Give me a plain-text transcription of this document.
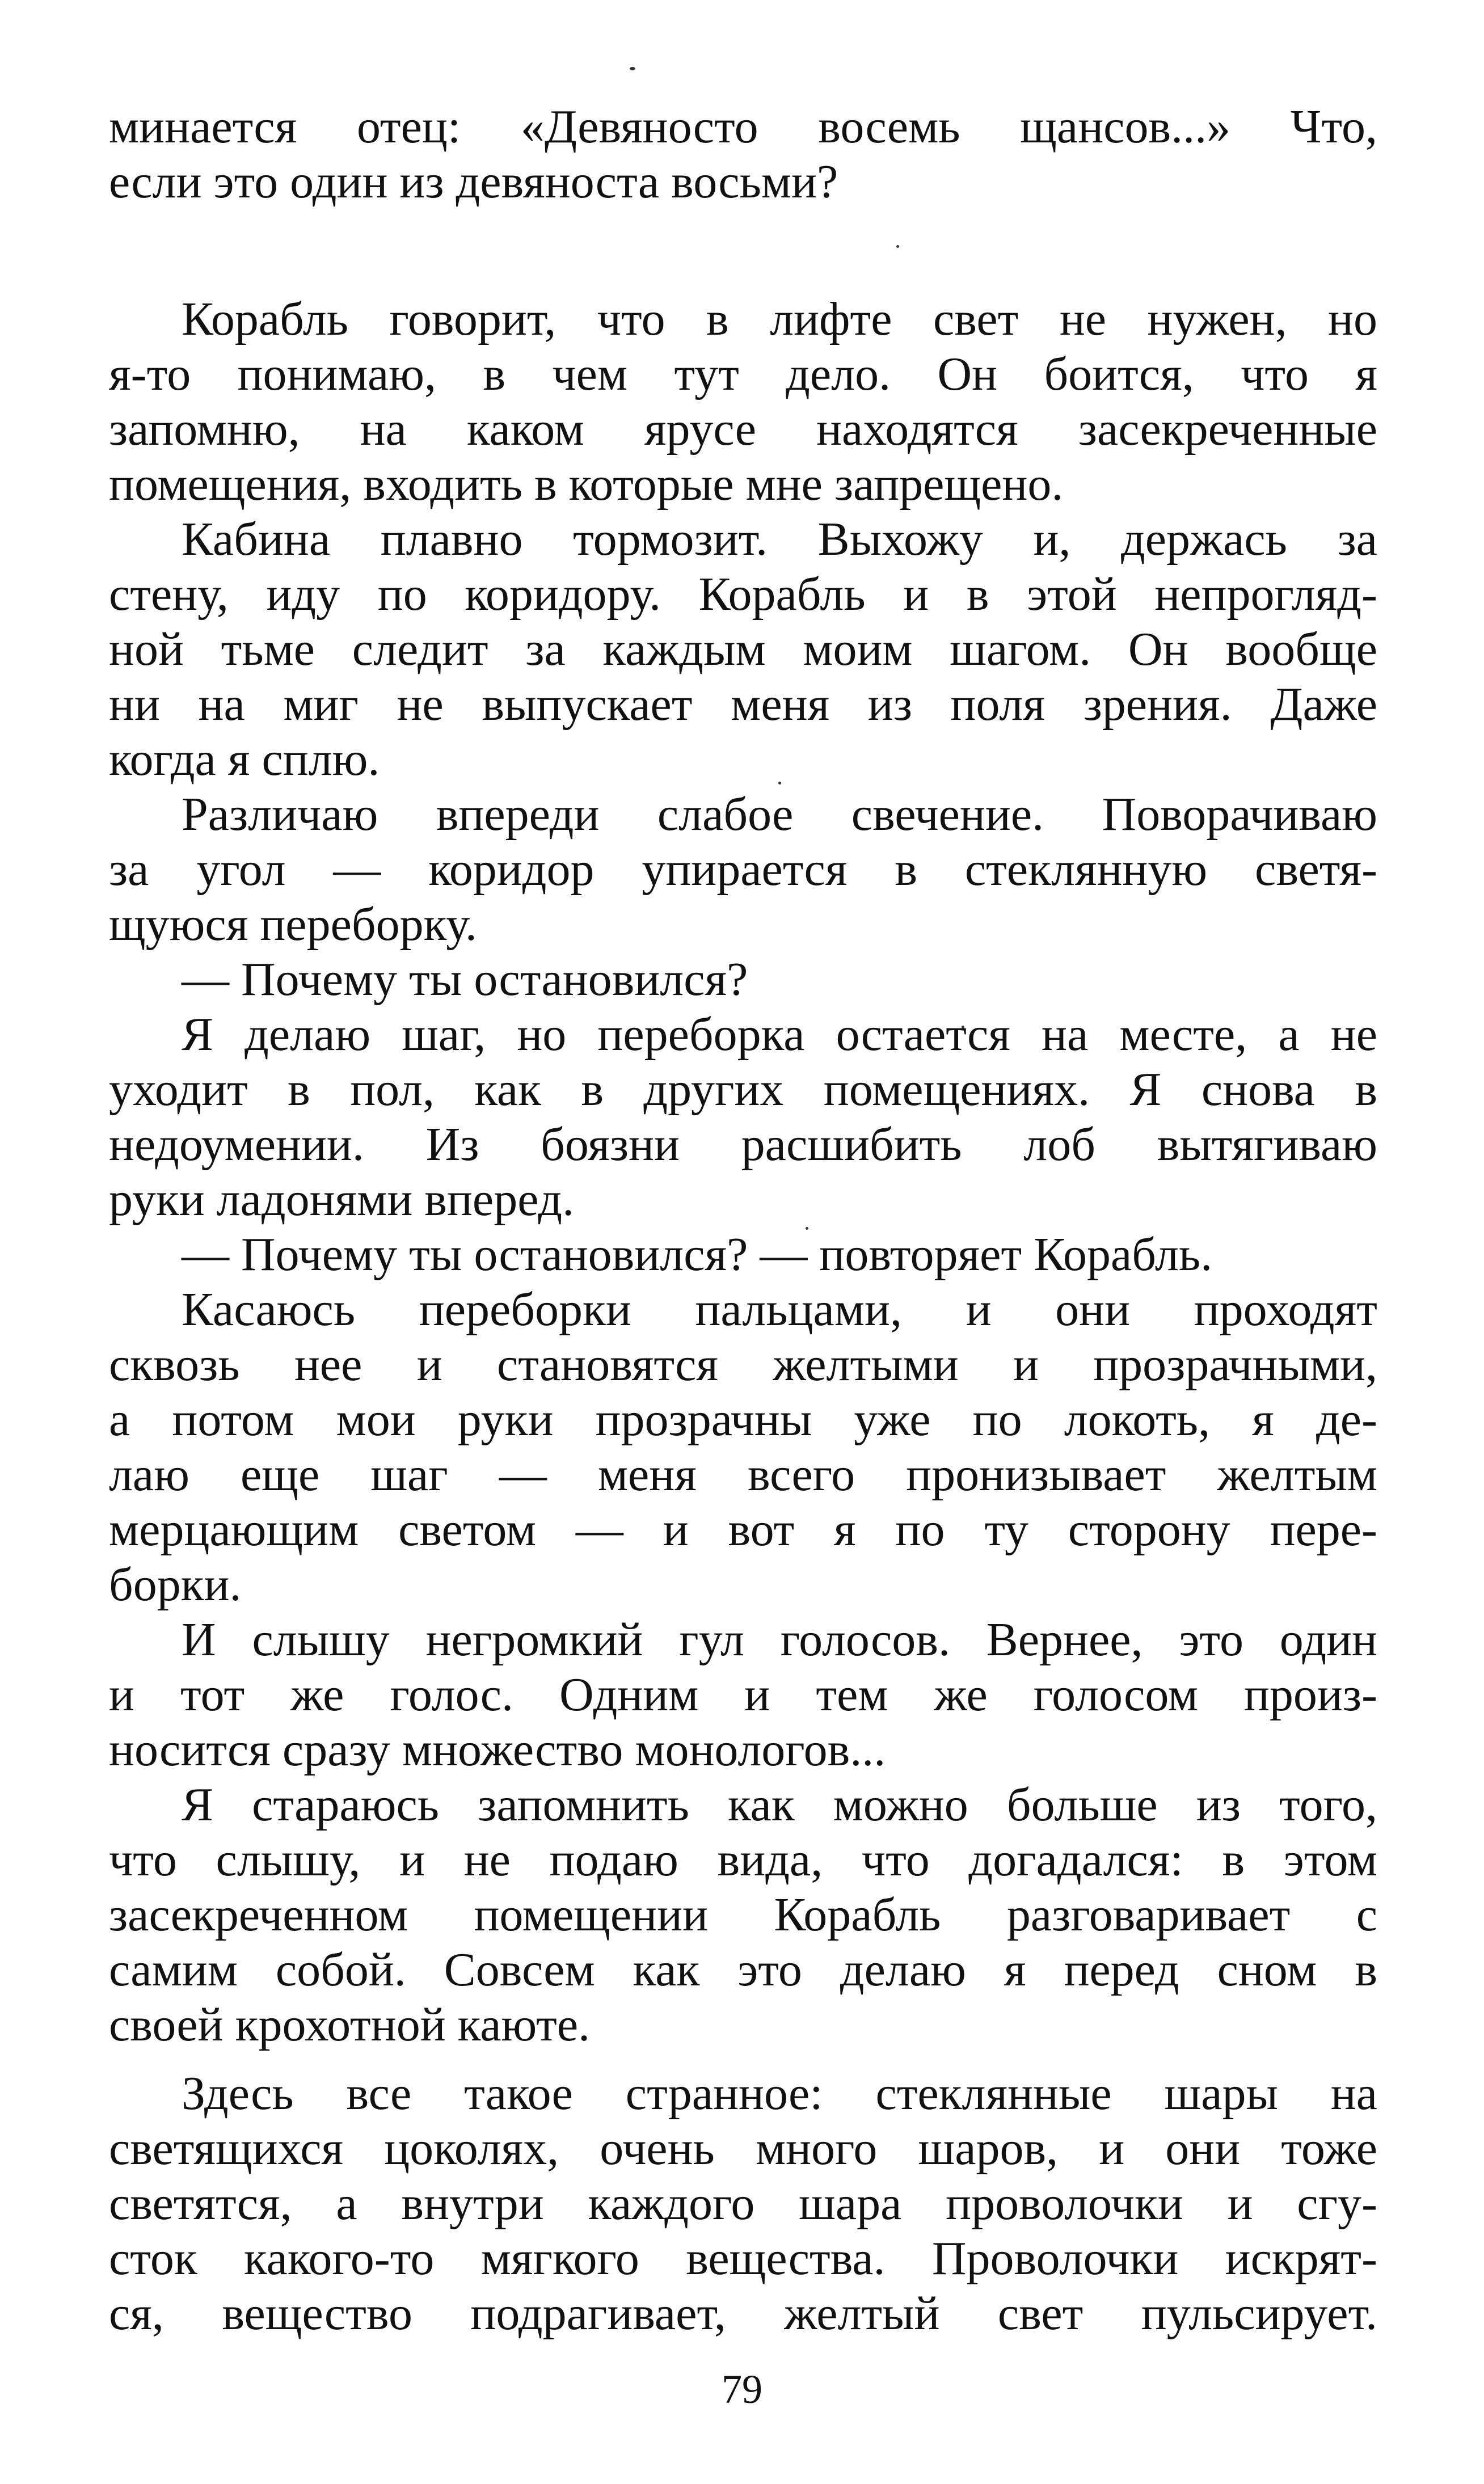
минается отец: «Девяносто восемь щансов...» Что,
если это один из девяноста восьми?
Корабль говорит, что в лифте свет не нужен, но
я-то понимаю, в чем тут дело. Он боится, что я
запомню, на каком ярусе находятся засекреченные
помещения, входить в которые мне запрещено.
Кабина плавно тормозит. Выхожу и, держась за
стену, иду по коридору. Корабль и в этой непрогляд-
ной тьме следит за каждым моим шагом. Он вообще
ни на миг не выпускает меня из поля зрения. Даже
когда я сплю.
Различаю впереди слабое свечение. Поворачиваю
за угол — коридор упирается в стеклянную светя-
щуюся переборку.
— Почему ты остановился?
Я делаю шаг, но переборка остается на месте, а не
уходит в пол, как в других помещениях. Я снова в
недоумении. Из боязни расшибить лоб вытягиваю
руки ладонями вперед.
— Почему ты остановился? — повторяет Корабль.
Касаюсь переборки пальцами, и они проходят
сквозь нее и становятся желтыми и прозрачными,
а потом мои руки прозрачны уже по локоть, я де-
лаю еще шаг — меня всего пронизывает желтым
мерцающим светом — и вот я по ту сторону пере-
борки.
И слышу негромкий гул голосов. Вернее, это один
и тот же голос. Одним и тем же голосом произ-
носится сразу множество монологов...
Я стараюсь запомнить как можно больше из того,
что слышу, и не подаю вида, что догадался: в этом
засекреченном помещении Корабль разговаривает с
самим собой. Совсем как это делаю я перед сном в
своей крохотной каюте.
Здесь все такое странное: стеклянные шары на
светящихся цоколях, очень много шаров, и они тоже
светятся, а внутри каждого шара проволочки и сгу-
сток какого-то мягкого вещества. Проволочки искрят-
ся, вещество подрагивает, желтый свет пульсирует.
79
